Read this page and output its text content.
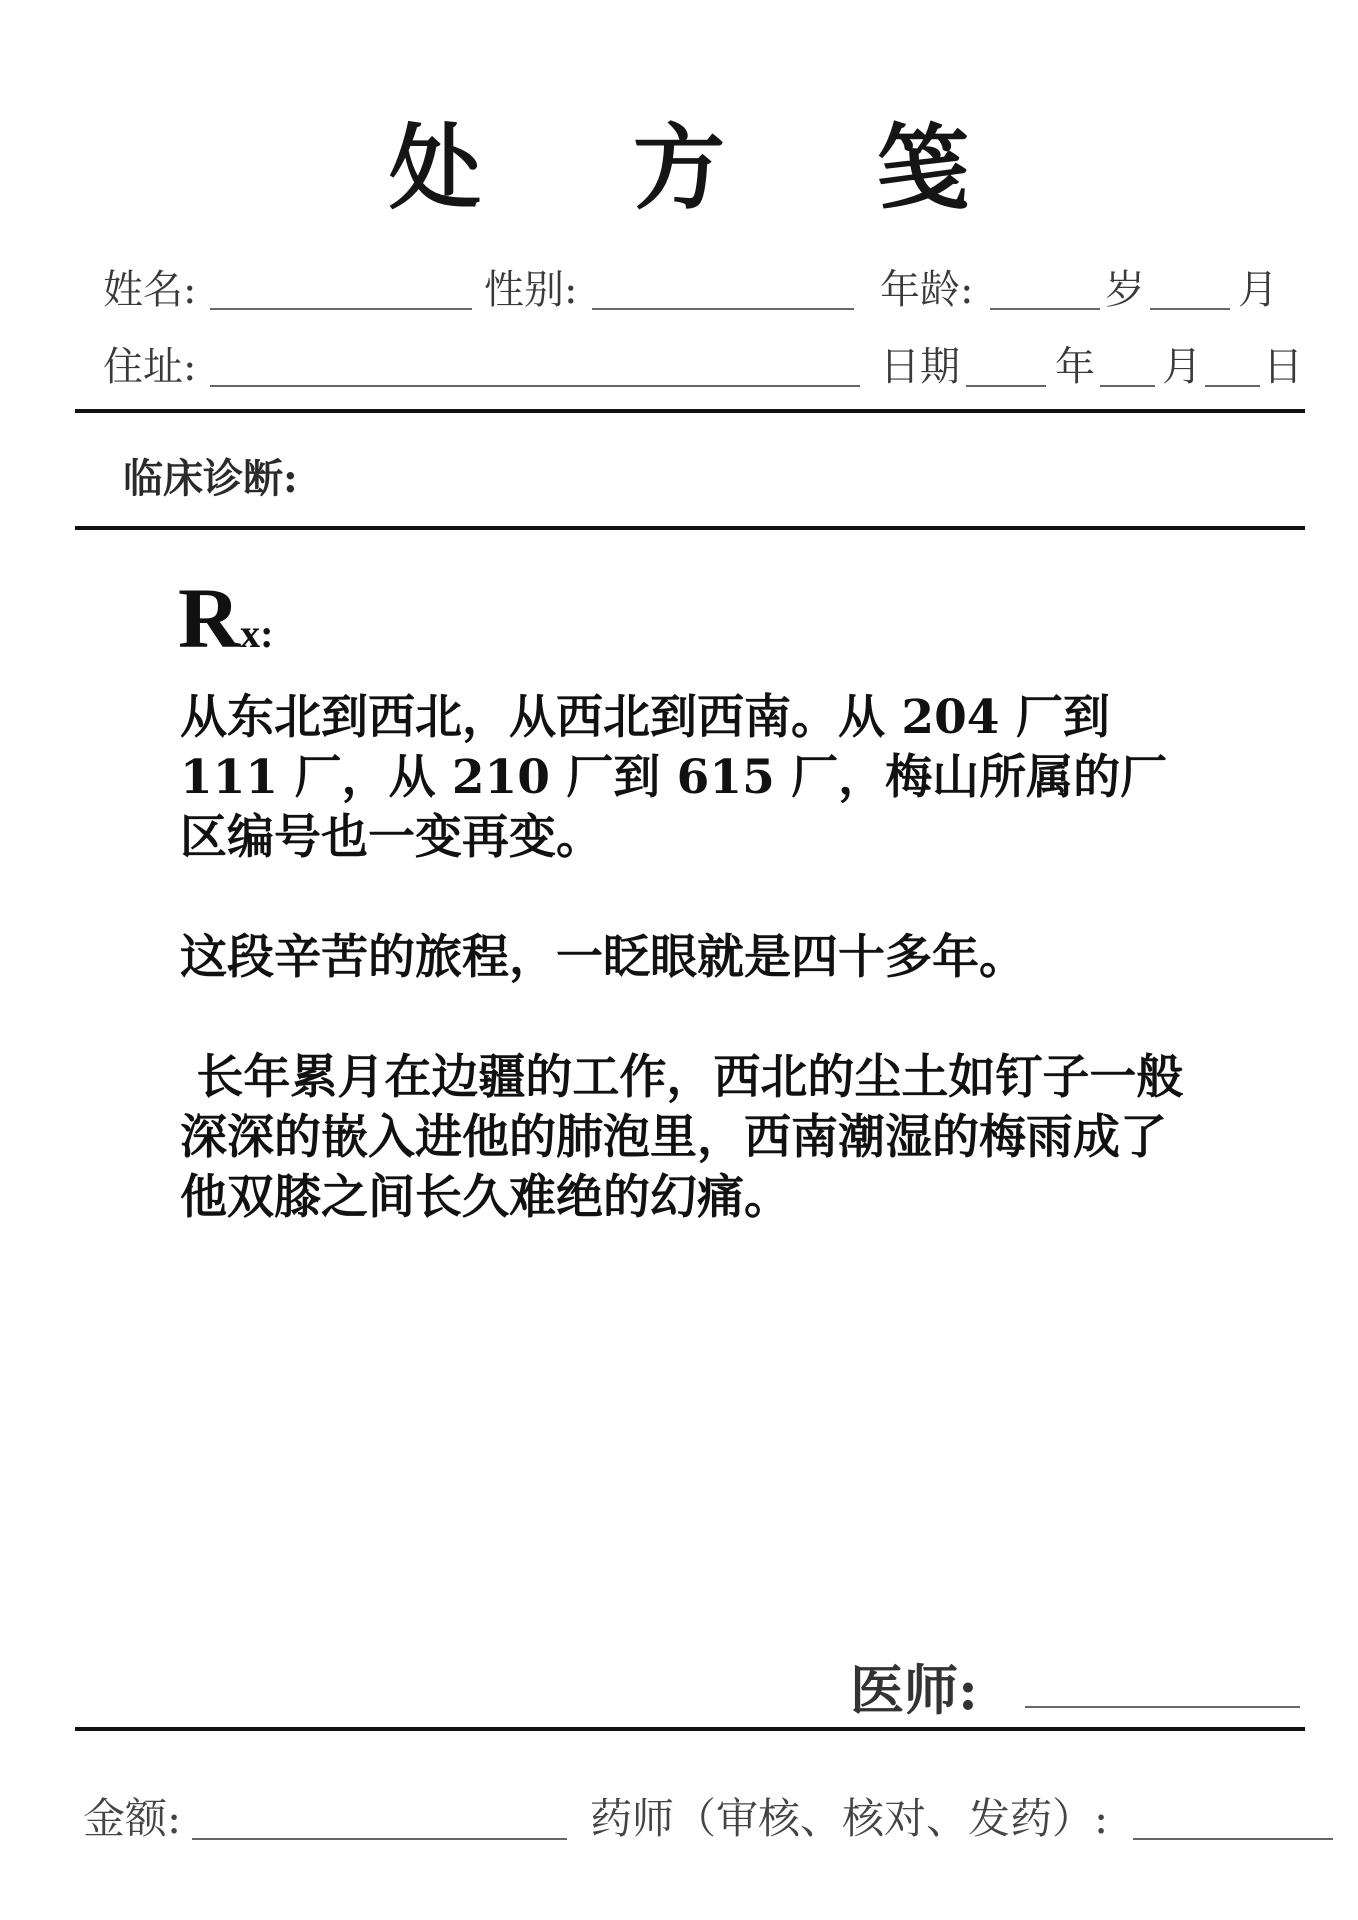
处 方 笺
姓名:	性别:	年龄:	岁 月
住址:	日期 年 月 日
临床诊断:
Rx:

从东北到西北，从西北到西南。从 204 厂到 111 厂，从 210 厂到 615 厂，梅山所属的厂区编号也一变再变。

这段辛苦的旅程，一眨眼就是四十多年。

长年累月在边疆的工作，西北的尘土如钉子一般深深的嵌入进他的肺泡里，西南潮湿的梅雨成了他双膝之间长久难绝的幻痛。

医师:
金额:	药师（审核、核对、发药）:
